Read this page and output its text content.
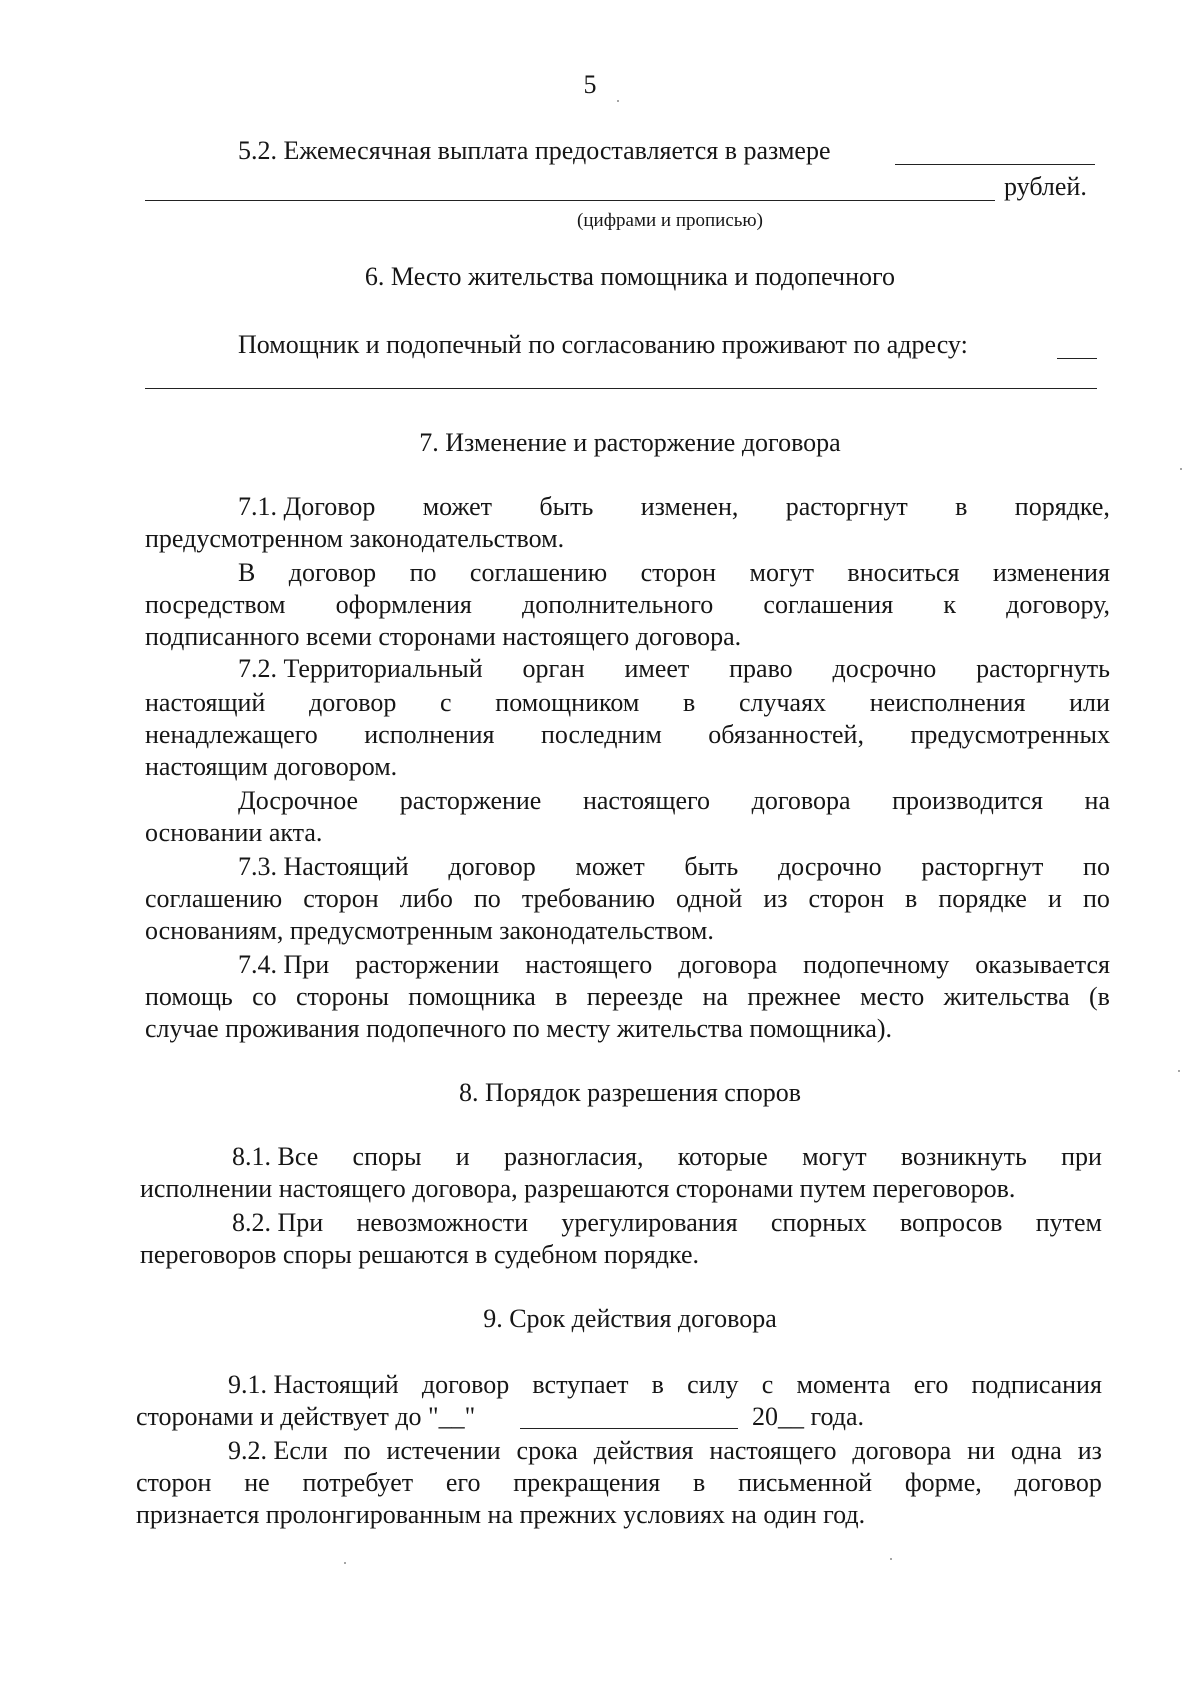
5
5.2. Ежемесячная выплата предоставляется в размере
рублей.
(цифрами и прописью)
6. Место жительства помощника и подопечного
Помощник и подопечный по согласованию проживают по адресу:
7. Изменение и расторжение договора
7.1. Договор может быть изменен, расторгнут в порядке,
предусмотренном законодательством.
В договор по соглашению сторон могут вноситься изменения
посредством оформления дополнительного соглашения к договору,
подписанного всеми сторонами настоящего договора.
7.2. Территориальный орган имеет право досрочно расторгнуть
настоящий договор с помощником в случаях неисполнения или
ненадлежащего исполнения последним обязанностей, предусмотренных
настоящим договором.
Досрочное расторжение настоящего договора производится на
основании акта.
7.3. Настоящий договор может быть досрочно расторгнут по
соглашению сторон либо по требованию одной из сторон в порядке и по
основаниям, предусмотренным законодательством.
7.4. При расторжении настоящего договора подопечному оказывается
помощь со стороны помощника в переезде на прежнее место жительства (в
случае проживания подопечного по месту жительства помощника).
8. Порядок разрешения споров
8.1. Все споры и разногласия, которые могут возникнуть при
исполнении настоящего договора, разрешаются сторонами путем переговоров.
8.2. При невозможности урегулирования спорных вопросов путем
переговоров споры решаются в судебном порядке.
9. Срок действия договора
9.1. Настоящий договор вступает в силу с момента его подписания
сторонами и действует до "__"	20__ года.
9.2. Если по истечении срока действия настоящего договора ни одна из
сторон не потребует его прекращения в письменной форме, договор
признается пролонгированным на прежних условиях на один год.
